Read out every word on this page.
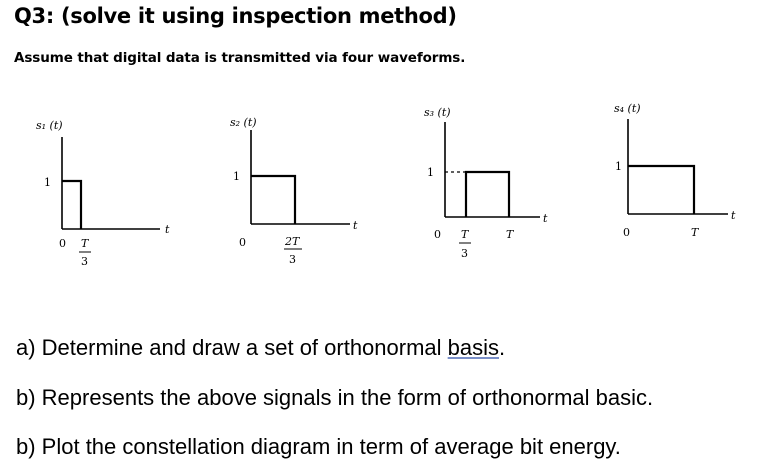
Q3: (solve it using inspection method)
Assume that digital data is transmitted via four waveforms.
s₁ (t)
1
t
0 T
3
s₂ (t)
1
t
0	2T
3
s₃ (t)
1
t
0 T
3
T
s₄ (t)
1
t
0	T
a) Determine and draw a set of orthonormal basis.
b) Represents the above signals in the form of orthonormal basic.
b) Plot the constellation diagram in term of average bit energy.
